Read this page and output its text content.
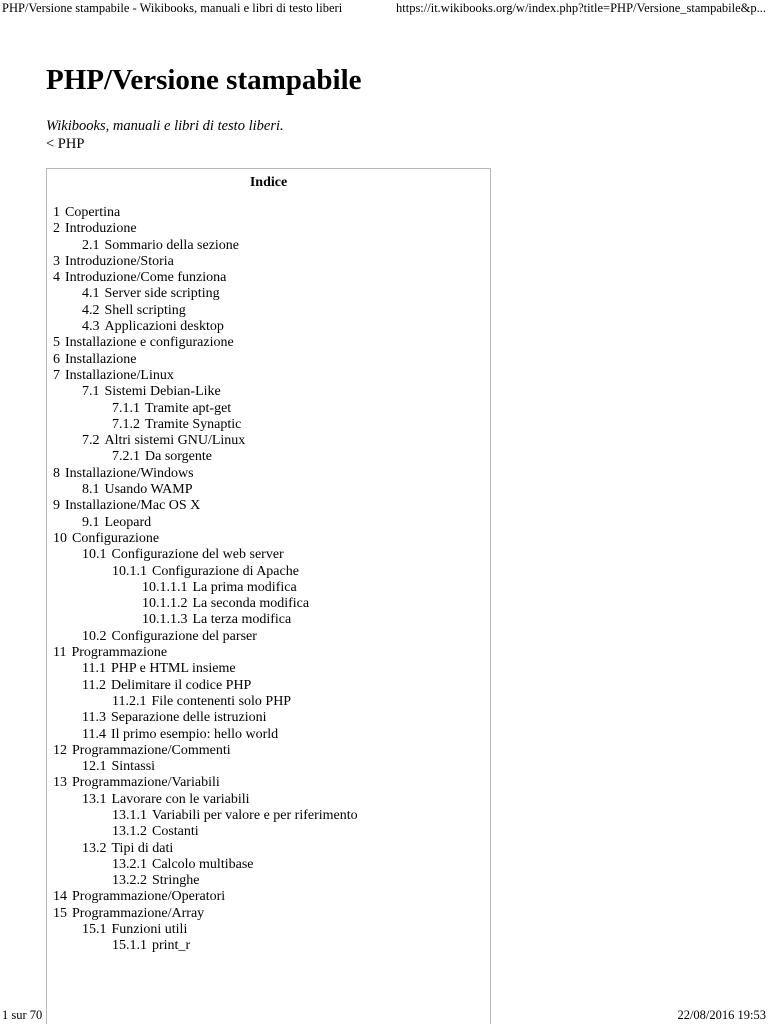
PHP/Versione stampabile - Wikibooks, manuali e libri di testo liberi	https://it.wikibooks.org/w/index.php?title=PHP/Versione_stampabile&p...
PHP/Versione stampabile
Wikibooks, manuali e libri di testo liberi.
< PHP
Indice
1 Copertina
2 Introduzione
2.1 Sommario della sezione
3 Introduzione/Storia
4 Introduzione/Come funziona
4.1 Server side scripting
4.2 Shell scripting
4.3 Applicazioni desktop
5 Installazione e configurazione
6 Installazione
7 Installazione/Linux
7.1 Sistemi Debian-Like
7.1.1 Tramite apt-get
7.1.2 Tramite Synaptic
7.2 Altri sistemi GNU/Linux
7.2.1 Da sorgente
8 Installazione/Windows
8.1 Usando WAMP
9 Installazione/Mac OS X
9.1 Leopard
10 Configurazione
10.1 Configurazione del web server
10.1.1 Configurazione di Apache
10.1.1.1 La prima modifica
10.1.1.2 La seconda modifica
10.1.1.3 La terza modifica
10.2 Configurazione del parser
11 Programmazione
11.1 PHP e HTML insieme
11.2 Delimitare il codice PHP
11.2.1 File contenenti solo PHP
11.3 Separazione delle istruzioni
11.4 Il primo esempio: hello world
12 Programmazione/Commenti
12.1 Sintassi
13 Programmazione/Variabili
13.1 Lavorare con le variabili
13.1.1 Variabili per valore e per riferimento
13.1.2 Costanti
13.2 Tipi di dati
13.2.1 Calcolo multibase
13.2.2 Stringhe
14 Programmazione/Operatori
15 Programmazione/Array
15.1 Funzioni utili
15.1.1 print_r
1 sur 70	22/08/2016 19:53
